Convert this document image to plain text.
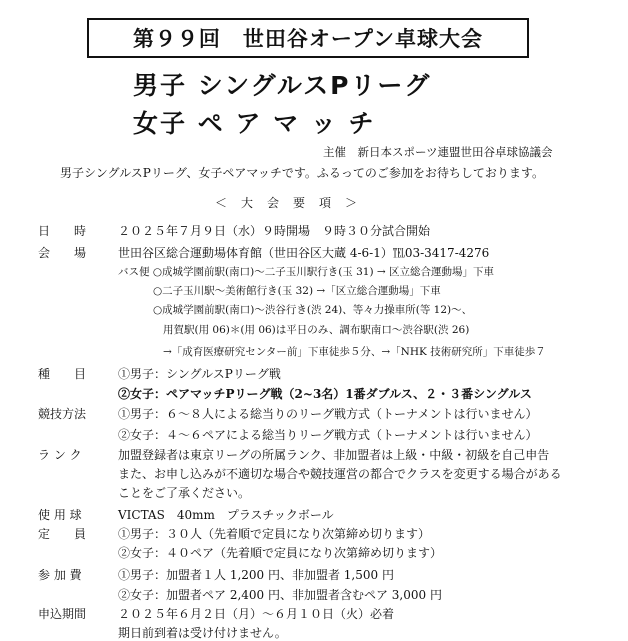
第９９回　世田谷オープン卓球大会
男子 シングルスPリーグ
女子 ペ ア マ ッ チ
主催　新日本スポーツ連盟世田谷卓球協議会
男子シングルスPリーグ、女子ペアマッチです。ふるってのご参加をお待ちしております。
＜　大　会　要　項　＞
日　　時	２０２５年７月９日（水）９時開場　９時３０分試合開始
会　　場	世田谷区総合運動場体育館（世田谷区大蔵 4-6-1）℡03-3417-4276
バス便 ○成城学園前駅(南口)〜二子玉川駅行き(玉 31) → 区立総合運動場」下車
○二子玉川駅〜美術館行き(玉 32) →「区立総合運動場」下車
○成城学園前駅(南口)〜渋谷行き(渋 24)、等々力操車所(等 12)〜、
用賀駅(用 06)＊(用 06)は平日のみ、調布駅南口〜渋谷駅(渋 26)
→「成育医療研究センター前」下車徒歩５分、→「NHK 技術研究所」下車徒歩７
種　　目	①男子：シングルスPリーグ戦
②女子：ペアマッチPリーグ戦（2~3名）1番ダブルス、２・３番シングルス
競技方法	①男子：６〜８人による総当りのリーグ戦方式（トーナメントは行いません）
②女子：４〜６ペアによる総当りリーグ戦方式（トーナメントは行いません）
ラ ン ク	加盟登録者は東京リーグの所属ランク、非加盟者は上級・中級・初級を自己申告
また、お申し込みが不適切な場合や競技運営の都合でクラスを変更する場合がある
ことをご了承ください。
使 用 球	VICTAS　40mm　プラスチックボール
定　　員	①男子：３０人（先着順で定員になり次第締め切ります）
②女子：４０ペア（先着順で定員になり次第締め切ります）
参 加 費	①男子：加盟者１人 1,200 円、非加盟者 1,500 円
②女子：加盟者ペア 2,400 円、非加盟者含むペア 3,000 円
申込期間	２０２５年６月２日（月）〜６月１０日（火）必着
期日前到着は受け付けません。
